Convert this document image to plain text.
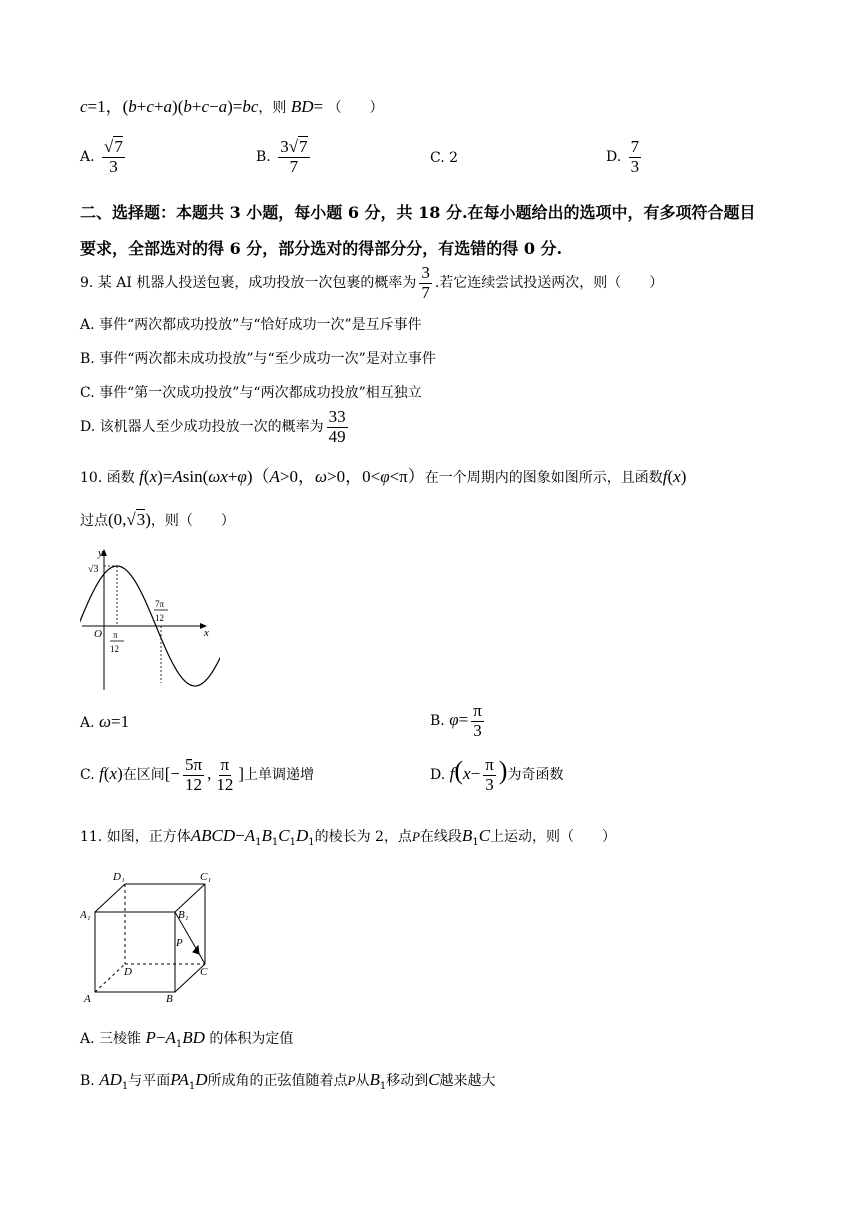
c=1，(b+c+a)(b+c−a)=bc，则 BD= （　　）
A. $\frac{√7}{3}$	B. $\frac{3√7}{7}$	C. 2	D. $\frac{7}{3}$
二、选择题：本题共 3 小题，每小题 6 分，共 18 分.在每小题给出的选项中，有多项符合题目
要求，全部选对的得 6 分，部分选对的得部分分，有选错的得 0 分.
9. 某 AI 机器人投送包裹，成功投放一次包裹的概率为 $\frac{3}{7}$ .若它连续尝试投送两次，则（　　）
A. 事件“两次都成功投放”与“恰好成功一次”是互斥事件
B. 事件“两次都未成功投放”与“至少成功一次”是对立事件
C. 事件“第一次成功投放”与“两次都成功投放”相互独立
D. 该机器人至少成功投放一次的概率为 $\frac{33}{49}$
10. 函数 f(x)=Asin(ωx+φ)（A>0，ω>0，0<φ<π）在一个周期内的图象如图所示，且函数f(x)
过点(0,√3)，则（　　）
y
x
O
√3
π
12
7π
12
A. ω=1	B. $\varphi= \frac{\pi}{3}$
C. f(x)在区间[− $\frac{5\pi}{12}$ , $\frac{\pi}{12}$ ]上单调递增	D. $f(x- \frac{\pi}{3}$ )为奇函数
11. 如图，正方体$ABCD-A_1B_1C_1D_1$的棱长为 2，点P在线段$B_1C$上运动，则（　　）
D₁	C₁
A₁	B₁
P
D	C
A	B
A. 三棱锥 $P-A_1BD$ 的体积为定值
B. $AD_1$与平面$PA_1D$所成角的正弦值随着点P从$B_1$移动到C越来越大
